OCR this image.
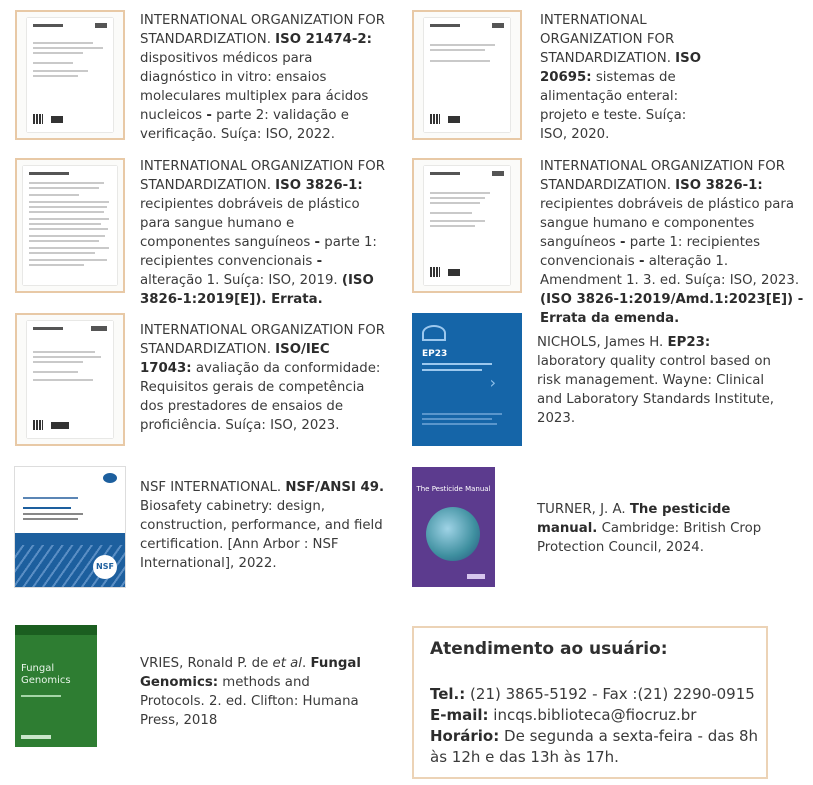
INTERNATIONAL ORGANIZATION FOR STANDARDIZATION. ISO 21474-2: dispositivos médicos para diagnóstico in vitro: ensaios moleculares multiplex para ácidos nucleicos - parte 2: validação e verificação. Suíça: ISO, 2022.
INTERNATIONAL ORGANIZATION FOR STANDARDIZATION. ISO 20695: sistemas de alimentação enteral: projeto e teste. Suíça: ISO, 2020.
INTERNATIONAL ORGANIZATION FOR STANDARDIZATION. ISO 3826-1: recipientes dobráveis de plástico para sangue humano e componentes sanguíneos - parte 1: recipientes convencionais - alteração 1. Suíça: ISO, 2019. (ISO 3826-1:2019[E]). Errata.
INTERNATIONAL ORGANIZATION FOR STANDARDIZATION. ISO 3826-1: recipientes dobráveis de plástico para sangue humano e componentes sanguíneos - parte 1: recipientes convencionais - alteração 1. Amendment 1. 3. ed. Suíça: ISO, 2023. (ISO 3826-1:2019/Amd.1:2023[E]) - Errata da emenda.
INTERNATIONAL ORGANIZATION FOR STANDARDIZATION. ISO/IEC 17043: avaliação da conformidade: Requisitos gerais de competência dos prestadores de ensaios de proficiência. Suíça: ISO, 2023.
EP23
›
NICHOLS, James H. EP23: laboratory quality control based on risk management. Wayne: Clinical and Laboratory Standards Institute, 2023.
NSF
NSF INTERNATIONAL. NSF/ANSI 49. Biosafety cabinetry: design, construction, performance, and field certification. [Ann Arbor : NSF International], 2022.
The Pesticide Manual
TURNER, J. A. The pesticide manual. Cambridge: British Crop Protection Council, 2024.
Fungal Genomics
VRIES, Ronald P. de et al. Fungal Genomics: methods and Protocols. 2. ed. Clifton: Humana Press, 2018
Atendimento ao usuário:
Tel.: (21) 3865-5192 - Fax :(21) 2290-0915
E-mail: incqs.biblioteca@fiocruz.br
Horário: De segunda a sexta-feira - das 8h às 12h e das 13h às 17h.
